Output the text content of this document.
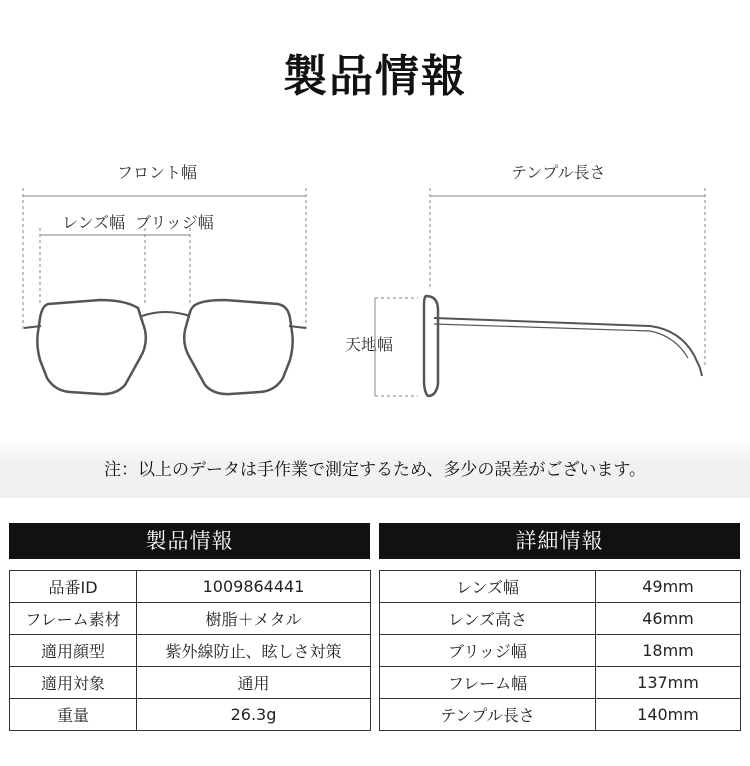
製品情報
フロント幅
レンズ幅 ブリッジ幅
テンプル長さ
天地幅
注：以上のデータは手作業で測定するため、多少の誤差がございます。
製品情報
品番ID	1009864441
フレーム素材	樹脂＋メタル
適用顔型	紫外線防止、眩しさ対策
適用対象	通用
重量	26.3g
詳細情報
レンズ幅	49mm
レンズ高さ	46mm
ブリッジ幅	18mm
フレーム幅	137mm
テンプル長さ	140mm
